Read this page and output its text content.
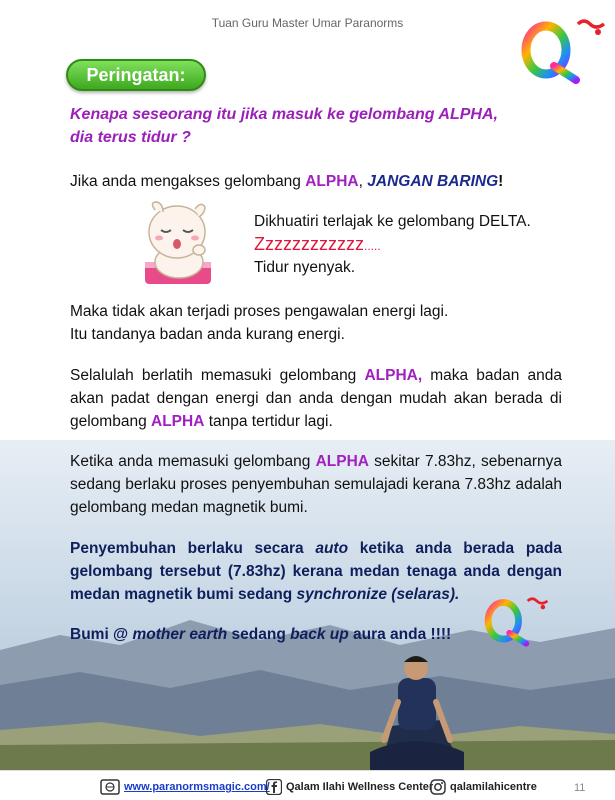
Tuan Guru Master Umar Paranorms
Peringatan:
Kenapa seseorang itu jika masuk ke gelombang ALPHA,
dia terus tidur ?
Jika anda mengakses gelombang ALPHA, JANGAN BARING!
Dikhuatiri terlajak ke gelombang DELTA.
Zzzzzzzzzzzz.....
Tidur nyenyak.
Maka tidak akan terjadi proses pengawalan energi lagi.
Itu tandanya badan anda kurang energi.
Selalulah berlatih memasuki gelombang ALPHA, maka badan anda akan padat dengan energi dan anda dengan mudah akan berada di gelombang ALPHA tanpa tertidur lagi.
Ketika anda memasuki gelombang ALPHA sekitar 7.83hz, sebenarnya sedang berlaku proses penyembuhan semulajadi kerana 7.83hz adalah gelombang medan magnetik bumi.
Penyembuhan berlaku secara auto ketika anda berada pada gelombang tersebut (7.83hz) kerana medan tenaga anda dengan medan magnetik bumi sedang synchronize (selaras).
Bumi @ mother earth sedang back up aura anda !!!!
www.paranormsmagic.com/ Qalam Ilahi Wellness Center qalamilahicentre	11
